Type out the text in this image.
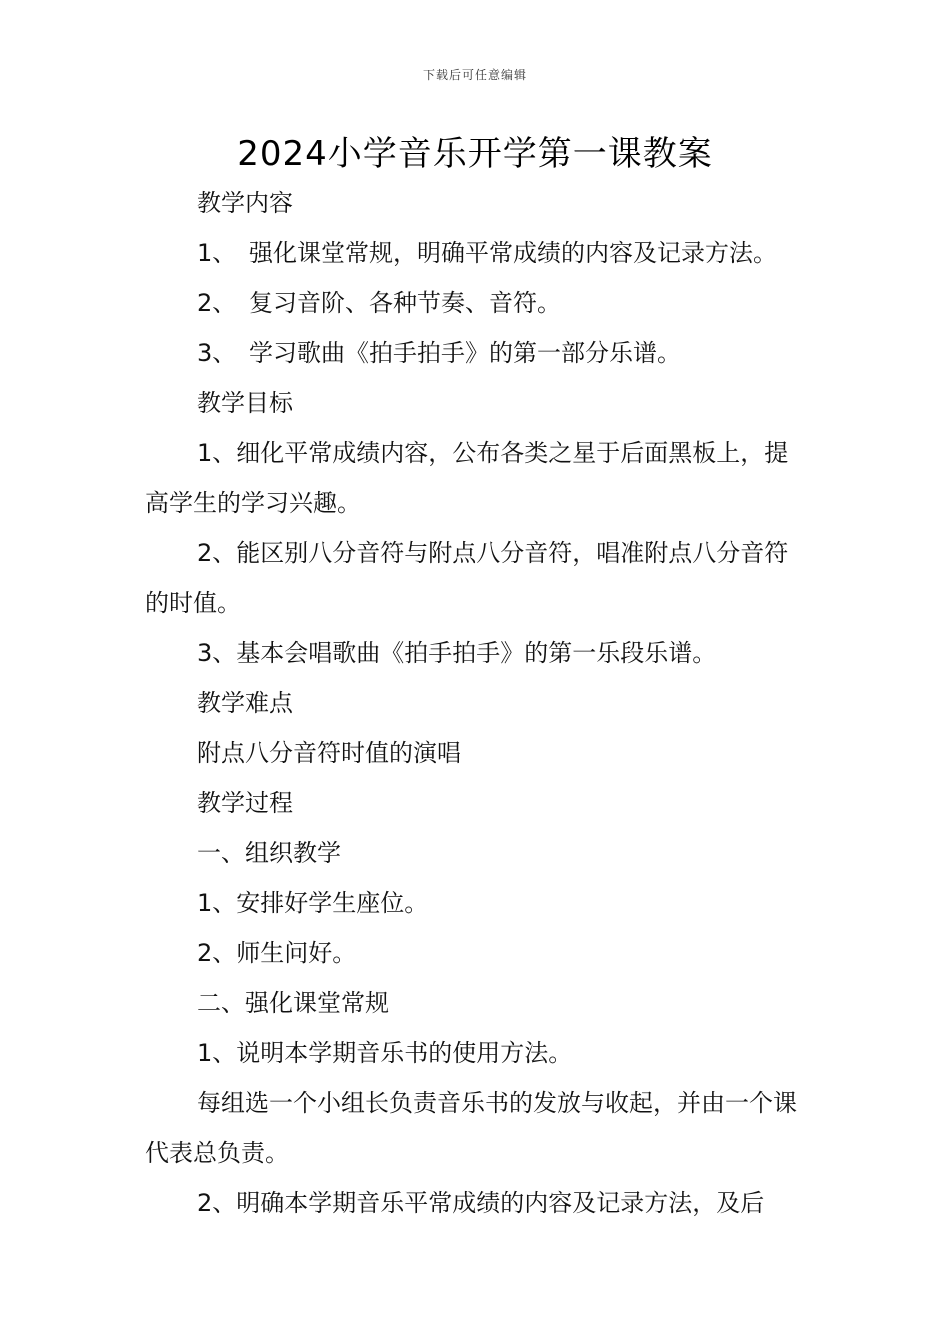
下载后可任意编辑
2024小学音乐开学第一课教案

教学内容

1、 强化课堂常规，明确平常成绩的内容及记录方法。

2、 复习音阶、各种节奏、音符。

3、 学习歌曲《拍手拍手》的第一部分乐谱。

教学目标

1、细化平常成绩内容，公布各类之星于后面黑板上，提高学生的学习兴趣。

2、能区别八分音符与附点八分音符，唱准附点八分音符的时值。

3、基本会唱歌曲《拍手拍手》的第一乐段乐谱。

教学难点

附点八分音符时值的演唱

教学过程

一、组织教学

1、安排好学生座位。

2、师生问好。

二、强化课堂常规

1、说明本学期音乐书的使用方法。

每组选一个小组长负责音乐书的发放与收起，并由一个课代表总负责。

2、明确本学期音乐平常成绩的内容及记录方法，及后
